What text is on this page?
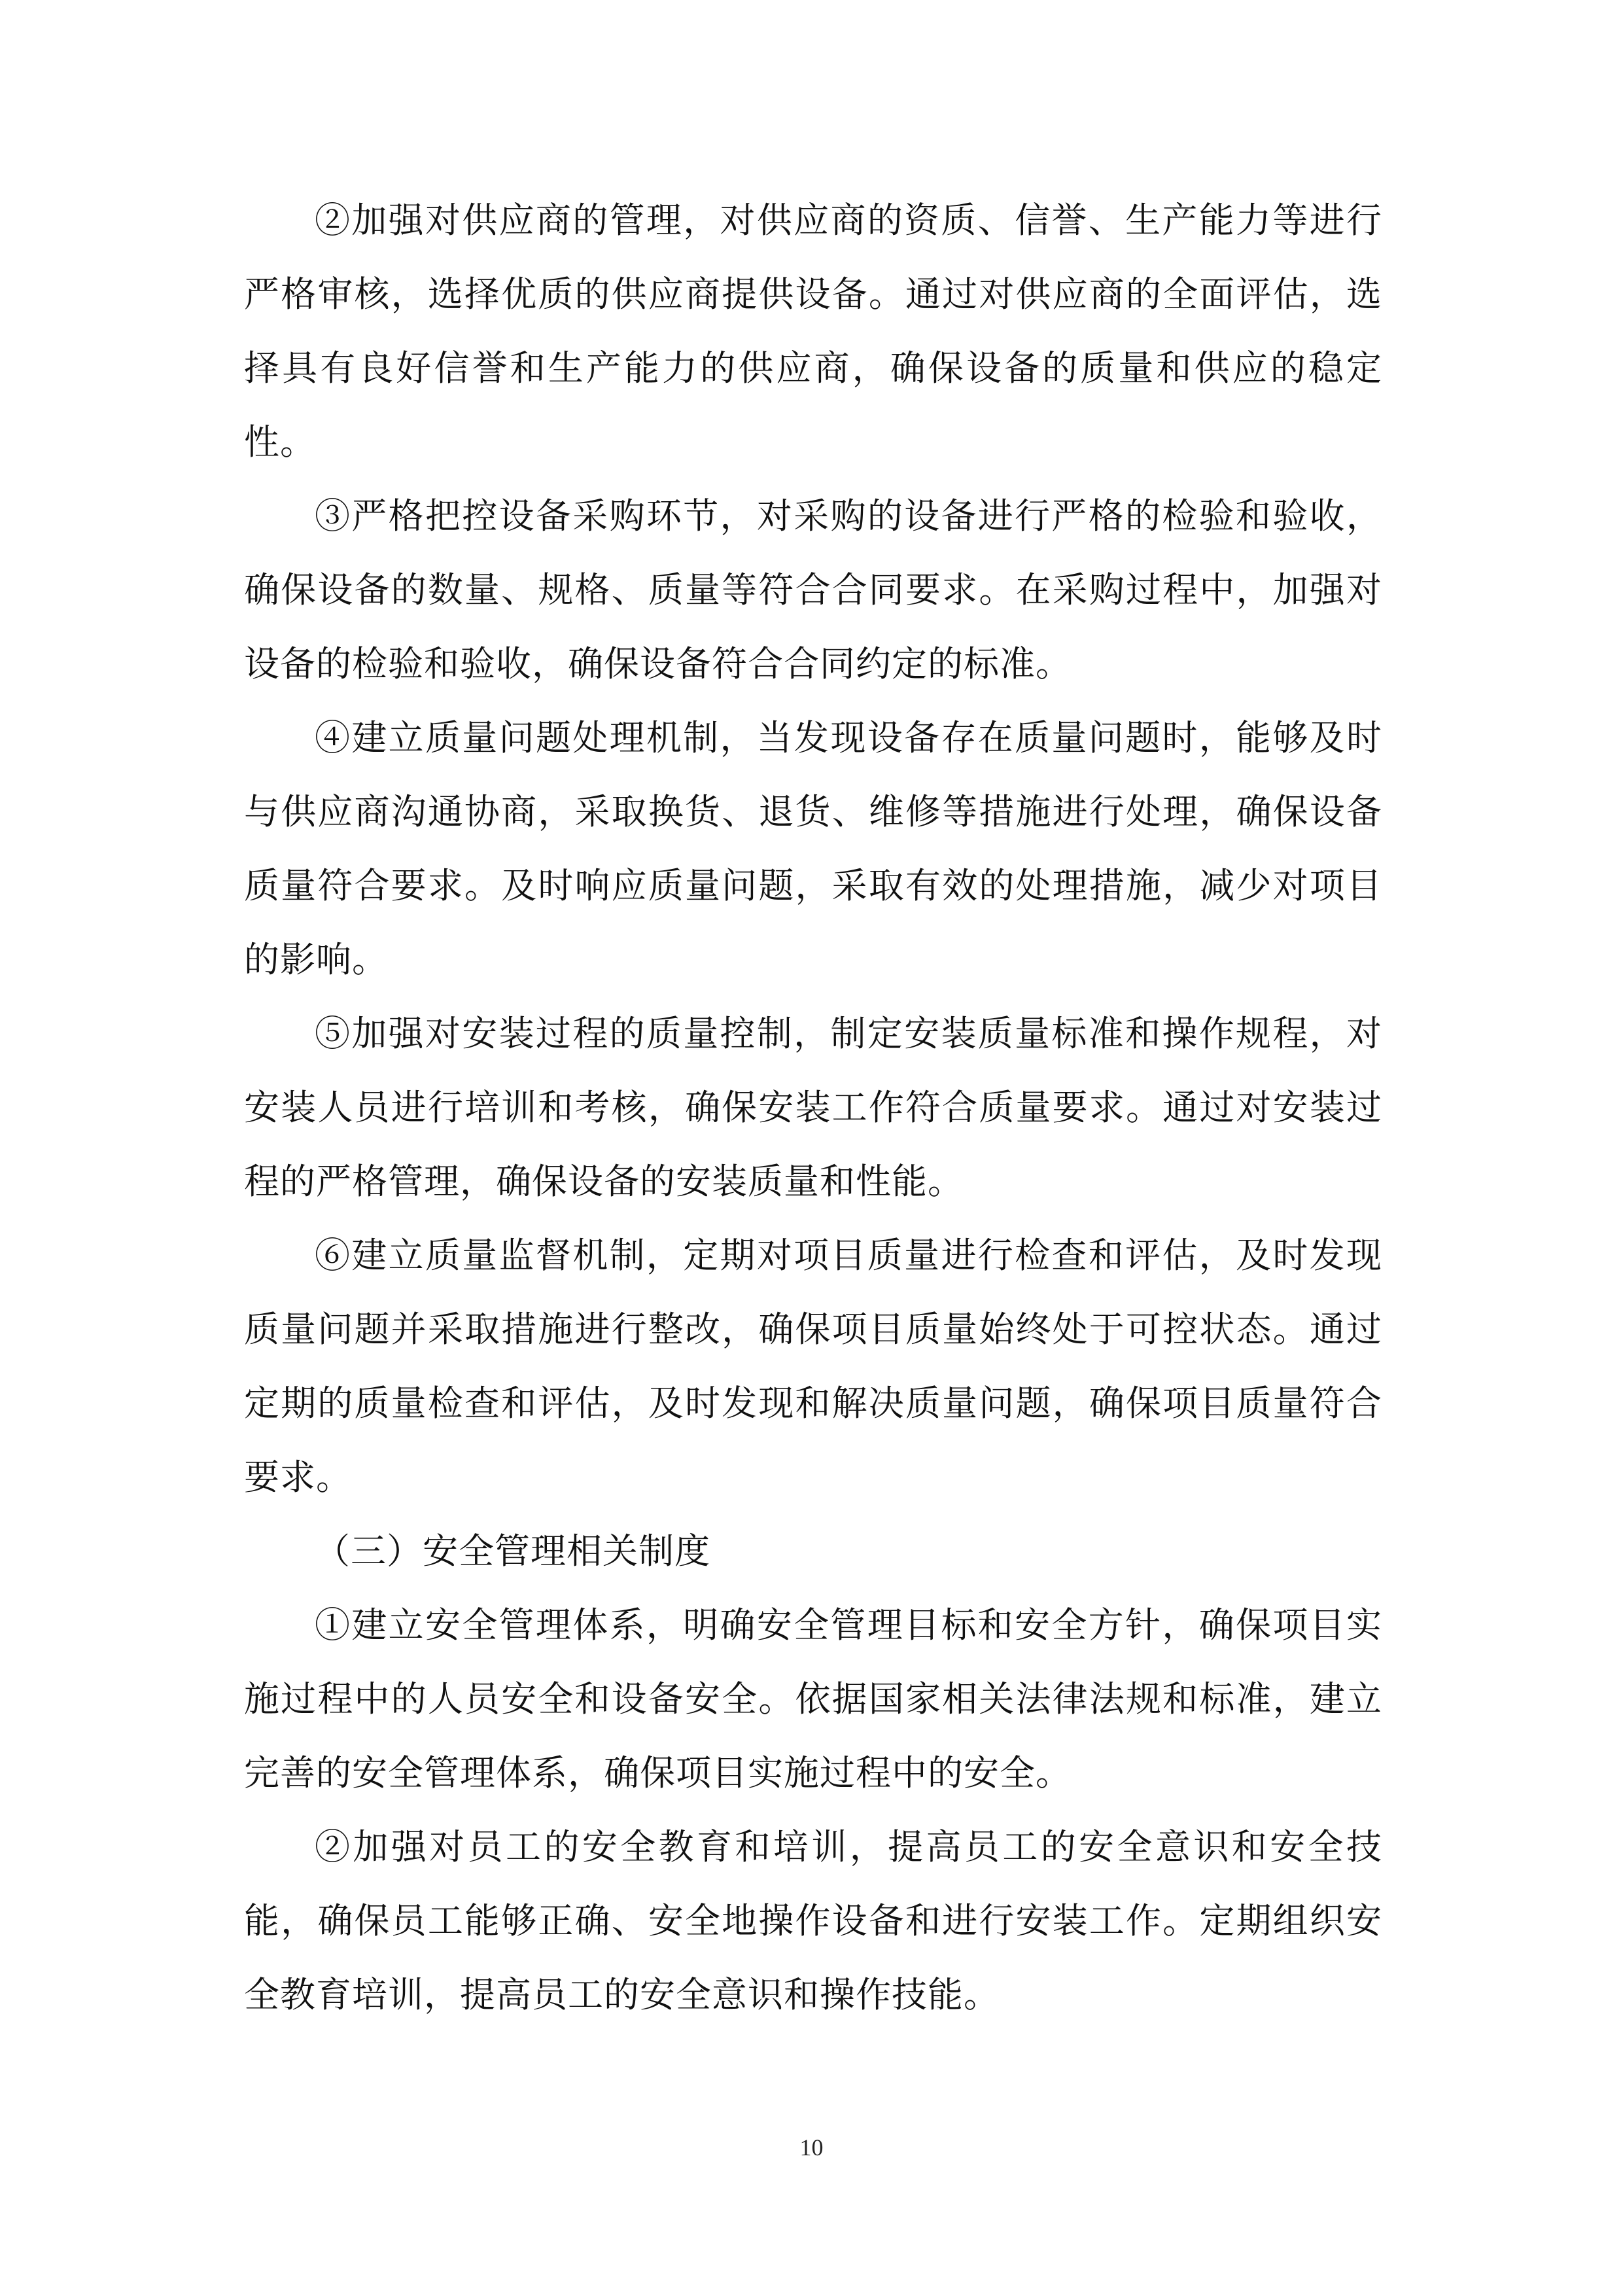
②加强对供应商的管理，对供应商的资质、信誉、生产能力等进行严格审核，选择优质的供应商提供设备。通过对供应商的全面评估，选择具有良好信誉和生产能力的供应商，确保设备的质量和供应的稳定性。

③严格把控设备采购环节，对采购的设备进行严格的检验和验收，确保设备的数量、规格、质量等符合合同要求。在采购过程中，加强对设备的检验和验收，确保设备符合合同约定的标准。

④建立质量问题处理机制，当发现设备存在质量问题时，能够及时与供应商沟通协商，采取换货、退货、维修等措施进行处理，确保设备质量符合要求。及时响应质量问题，采取有效的处理措施，减少对项目的影响。

⑤加强对安装过程的质量控制，制定安装质量标准和操作规程，对安装人员进行培训和考核，确保安装工作符合质量要求。通过对安装过程的严格管理，确保设备的安装质量和性能。

⑥建立质量监督机制，定期对项目质量进行检查和评估，及时发现质量问题并采取措施进行整改，确保项目质量始终处于可控状态。通过定期的质量检查和评估，及时发现和解决质量问题，确保项目质量符合要求。

（三）安全管理相关制度

①建立安全管理体系，明确安全管理目标和安全方针，确保项目实施过程中的人员安全和设备安全。依据国家相关法律法规和标准，建立完善的安全管理体系，确保项目实施过程中的安全。

②加强对员工的安全教育和培训，提高员工的安全意识和安全技能，确保员工能够正确、安全地操作设备和进行安装工作。定期组织安全教育培训，提高员工的安全意识和操作技能。

10
